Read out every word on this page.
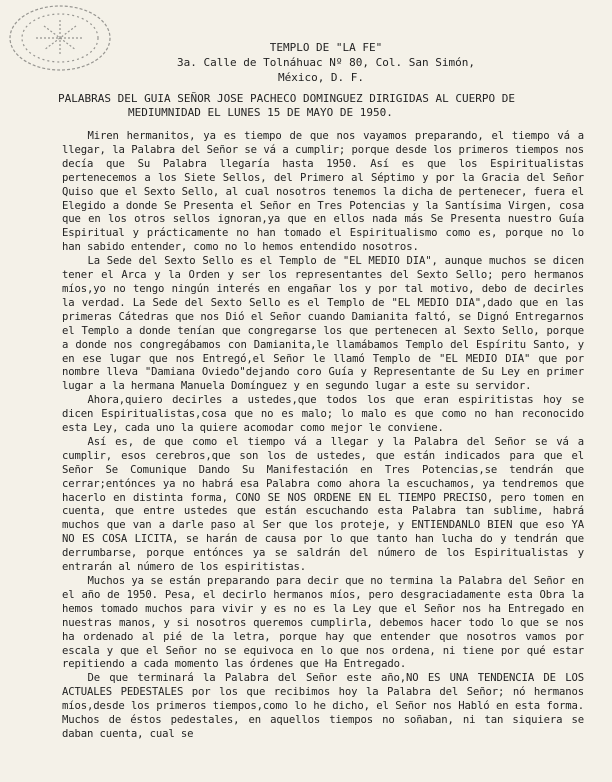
TEMPLO DE "LA FE"
3a. Calle de Tolnáhuac Nº 80, Col. San Simón,
México, D. F.
PALABRAS DEL GUIA SEÑOR JOSE PACHECO DOMINGUEZ DIRIGIDAS AL CUERPO DE
MEDIUMNIDAD EL LUNES 15 DE MAYO DE 1950.

Miren hermanitos, ya es tiempo de que nos vayamos preparando, el tiempo vá a llegar, la Palabra del Señor se vá a cumplir; porque desde los primeros tiempos nos decía que Su Palabra llegaría hasta 1950. Así es que los Espiritualistas pertenecemos a los Siete Sellos, del Primero al Séptimo y por la Gracia del Señor Quiso que el Sexto Sello, al cual nosotros tenemos la dicha de pertenecer, fuera el Elegido a donde Se Presenta el Señor en Tres Potencias y la Santísima Virgen, cosa que en los otros sellos ignoran,ya que en ellos nada más Se Presenta nuestro Guía Espiritual y prácticamente no han tomado el Espiritualismo como es, porque no lo han sabido entender, como no lo hemos entendido nosotros.

La Sede del Sexto Sello es el Templo de "EL MEDIO DIA", aunque muchos se dicen tener el Arca y la Orden y ser los representantes del Sexto Sello; pero hermanos míos,yo no tengo ningún interés en engañar los y por tal motivo, debo de decirles la verdad. La Sede del Sexto Sello es el Templo de "EL MEDIO DIA",dado que en las primeras Cátedras que nos Dió el Señor cuando Damianita faltó, se Dignó Entregarnos el Templo a donde tenían que congregarse los que pertenecen al Sexto Sello, porque a donde nos congregábamos con Damianita,le llamábamos Templo del Espíritu Santo, y en ese lugar que nos Entregó,el Señor le llamó Templo de "EL MEDIO DIA" que por nombre lleva "Damiana Oviedo"dejando coro Guía y Representante de Su Ley en primer lugar a la hermana Manuela Domínguez y en segundo lugar a este su servidor.

Ahora,quiero decirles a ustedes,que todos los que eran espiritistas hoy se dicen Espiritualistas,cosa que no es malo; lo malo es que como no han reconocido esta Ley, cada uno la quiere acomodar como mejor le conviene.

Así es, de que como el tiempo vá a llegar y la Palabra del Señor se vá a cumplir, esos cerebros,que son los de ustedes, que están indicados para que el Señor Se Comunique Dando Su Manifestación en Tres Potencias,se tendrán que cerrar;entónces ya no habrá esa Palabra como ahora la escuchamos, ya tendremos que hacerlo en distinta forma, CONO SE NOS ORDENE EN EL TIEMPO PRECISO, pero tomen en cuenta, que entre ustedes que están escuchando esta Palabra tan sublime, habrá muchos que van a darle paso al Ser que los proteje, y ENTIENDANLO BIEN que eso YA NO ES COSA LICITA, se harán de causa por lo que tanto han lucha do y tendrán que derrumbarse, porque entónces ya se saldrán del número de los Espiritualistas y entrarán al número de los espiritistas.

Muchos ya se están preparando para decir que no termina la Palabra del Señor en el año de 1950. Pesa, el decirlo hermanos míos, pero desgraciadamente esta Obra la hemos tomado muchos para vivir y es no es la Ley que el Señor nos ha Entregado en nuestras manos, y si nosotros queremos cumplirla, debemos hacer todo lo que se nos ha ordenado al pié de la letra, porque hay que entender que nosotros vamos por escala y que el Señor no se equivoca en lo que nos ordena, ni tiene por qué estar repitiendo a cada momento las órdenes que Ha Entregado.

De que terminará la Palabra del Señor este año,NO ES UNA TENDENCIA DE LOS ACTUALES PEDESTALES por los que recibimos hoy la Palabra del Señor; nó hermanos míos,desde los primeros tiempos,como lo he dicho, el Señor nos Habló en esta forma. Muchos de éstos pedestales, en aquellos tiempos no soñaban, ni tan siquiera se daban cuenta, cual se
